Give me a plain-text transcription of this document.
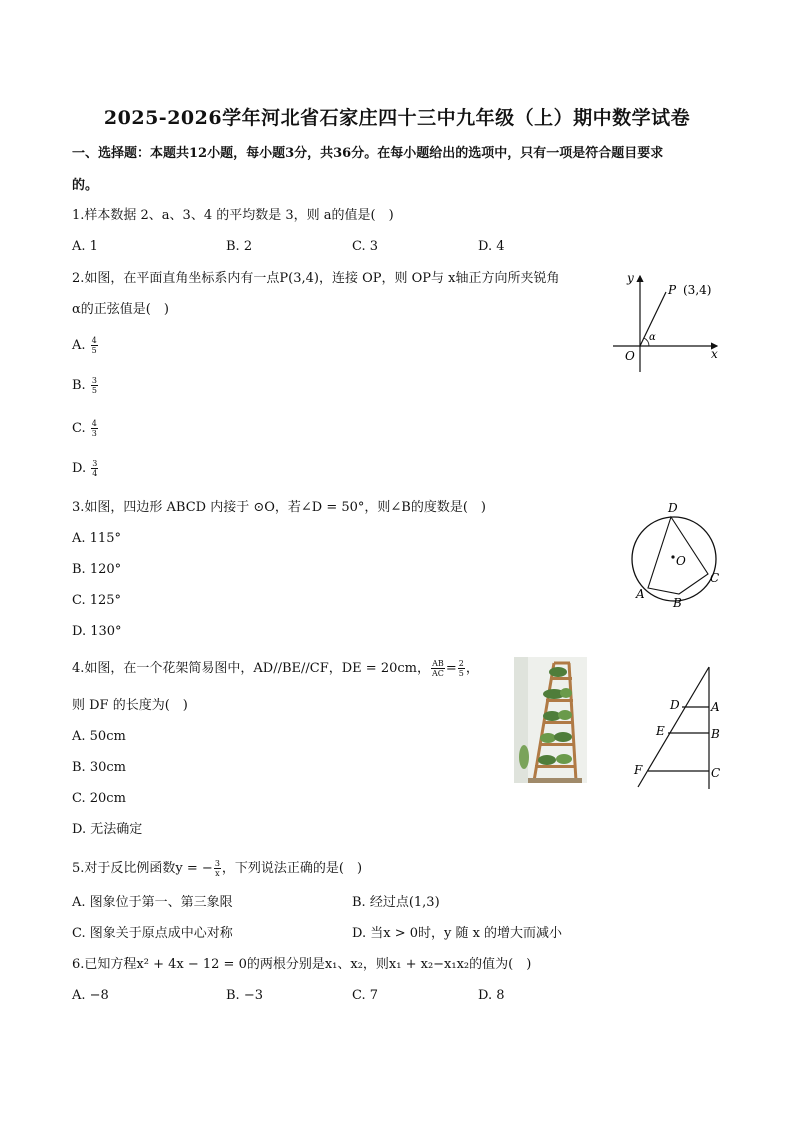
2025-2026学年河北省石家庄四十三中九年级（上）期中数学试卷
一、选择题：本题共12小题，每小题3分，共36分。在每小题给出的选项中，只有一项是符合题目要求
的。
1.样本数据 2、a、3、4 的平均数是 3，则 a的值是(　)
A. 1	B. 2	C. 3	D. 4
2.如图，在平面直角坐标系内有一点P(3,4)，连接 OP，则 OP与 x轴正方向所夹锐角
α的正弦值是(　)
A. $\frac{4}{5}$
B. $\frac{3}{5}$
C. $\frac{4}{3}$
D. $\frac{3}{4}$
y
x
O
P (3,4)
α
3.如图，四边形 ABCD 内接于 ⊙O，若∠D = 50°，则∠B的度数是(　)
A. 115°
B. 120°
C. 125°
D. 130°
D
O
C
A
B
4.如图，在一个花架简易图中，AD//BE//CF，DE = 20cm， $\frac{AB}{AC} = \frac{2}{5}$ ，
则 DF 的长度为(　)
A. 50cm
B. 30cm
C. 20cm
D. 无法确定
D	A
E	B
F	C
5.对于反比例函数y = − $\frac{3}{x}$ ，下列说法正确的是(　)
A. 图象位于第一、第三象限	B. 经过点(1,3)
C. 图象关于原点成中心对称	D. 当x > 0时，y 随 x 的增大而减小
6.已知方程x² + 4x − 12 = 0的两根分别是x₁、x₂，则x₁ + x₂−x₁x₂的值为(　)
A. −8	B. −3	C. 7	D. 8
